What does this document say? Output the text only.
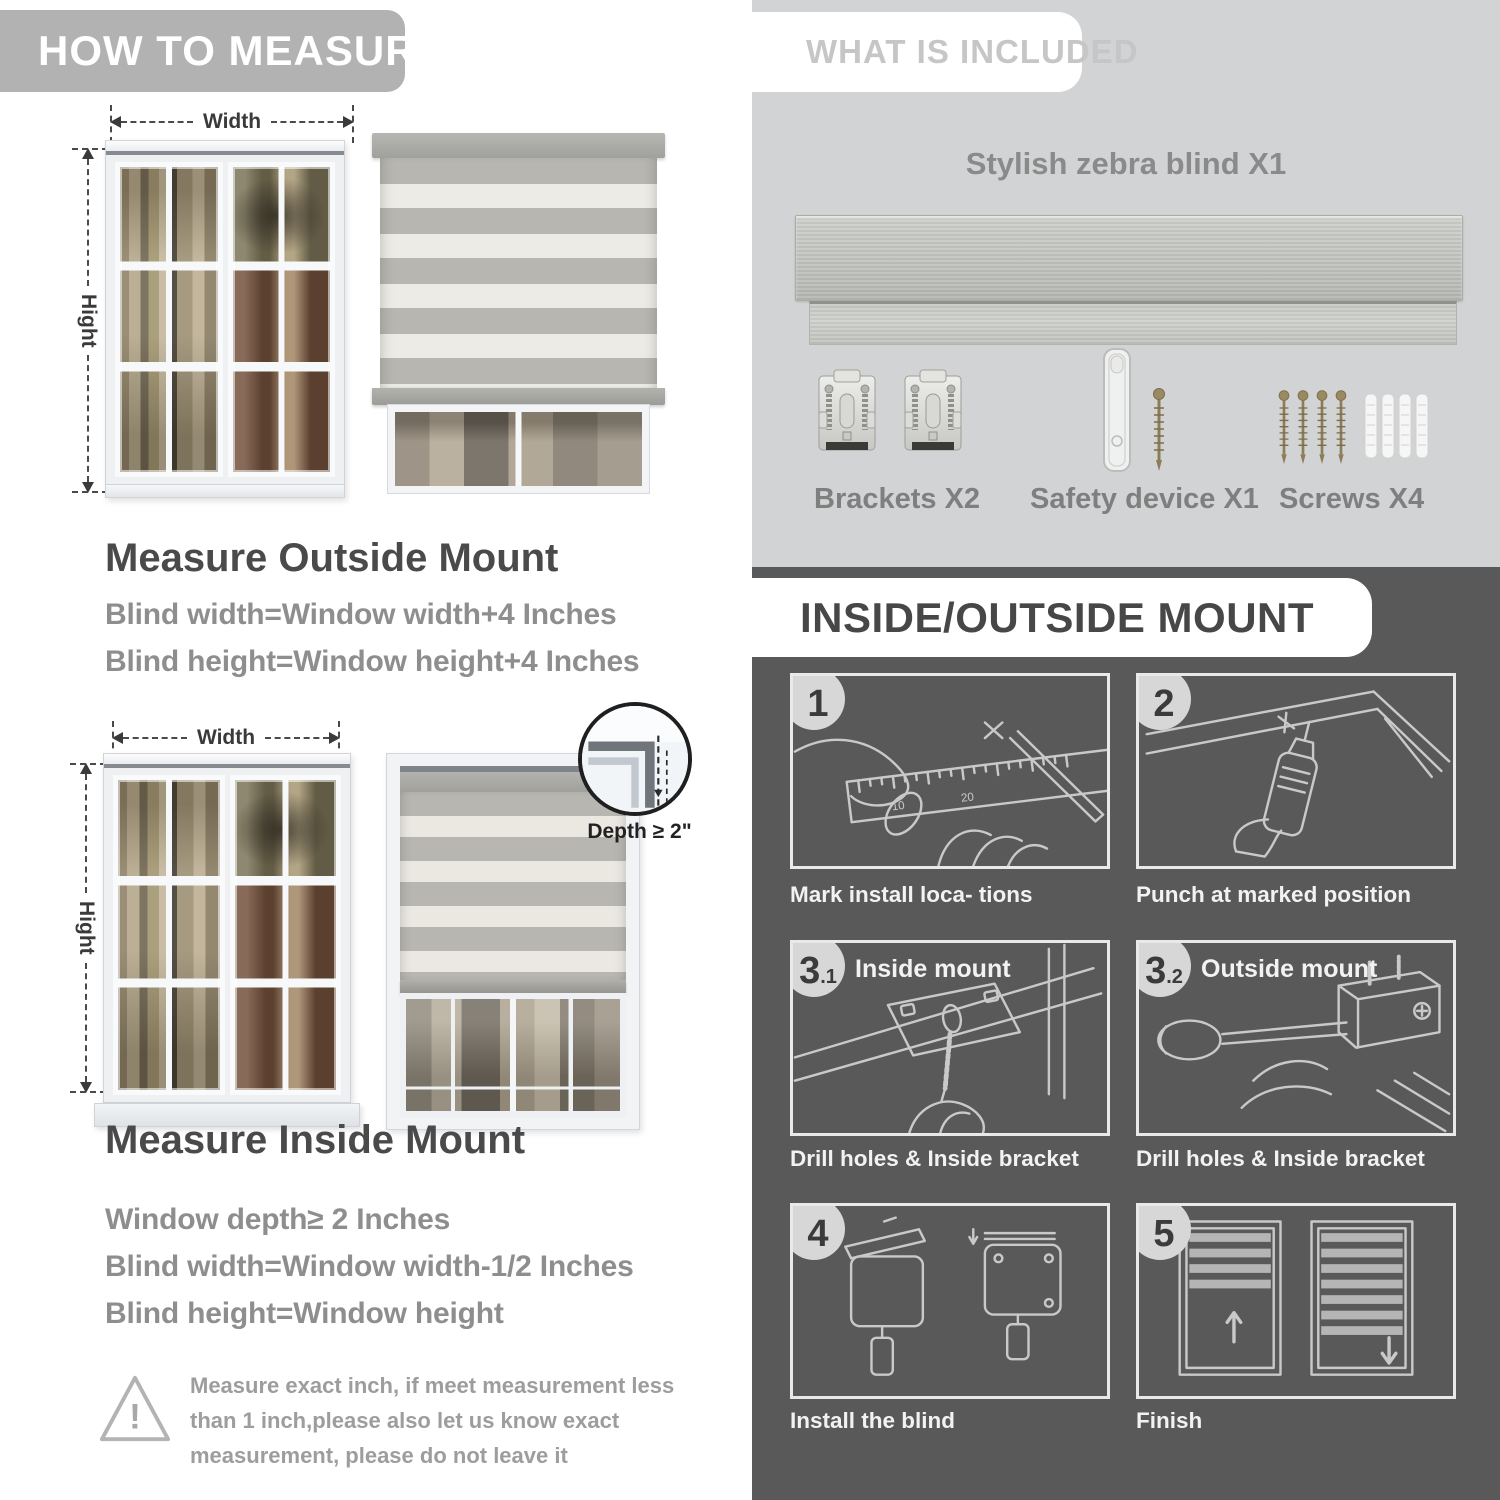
HOW TO MEASURE
Width
Hight
Measure Outside Mount
Blind width=Window width+4 Inches
Blind height=Window height+4 Inches
Width
Hight
Depth ≥ 2"
Measure Inside Mount
Window depth≥ 2 Inches
Blind width=Window width-1/2 Inches
Blind height=Window height
!
Measure exact inch, if meet measurement less than 1 inch,please also let us know exact measurement, please do not leave it
WHAT IS INCLUDED
Stylish zebra blind X1
Brackets X2 Safety device X1 Screws X4
INSIDE/OUTSIDE MOUNT
10
20
1
Mark install loca- tions
2
Punch at marked position
3 .1 Inside mount
Drill holes & Inside bracket
3 .2 Outside mount
Drill holes & Inside bracket
4
Install the blind
5
Finish
